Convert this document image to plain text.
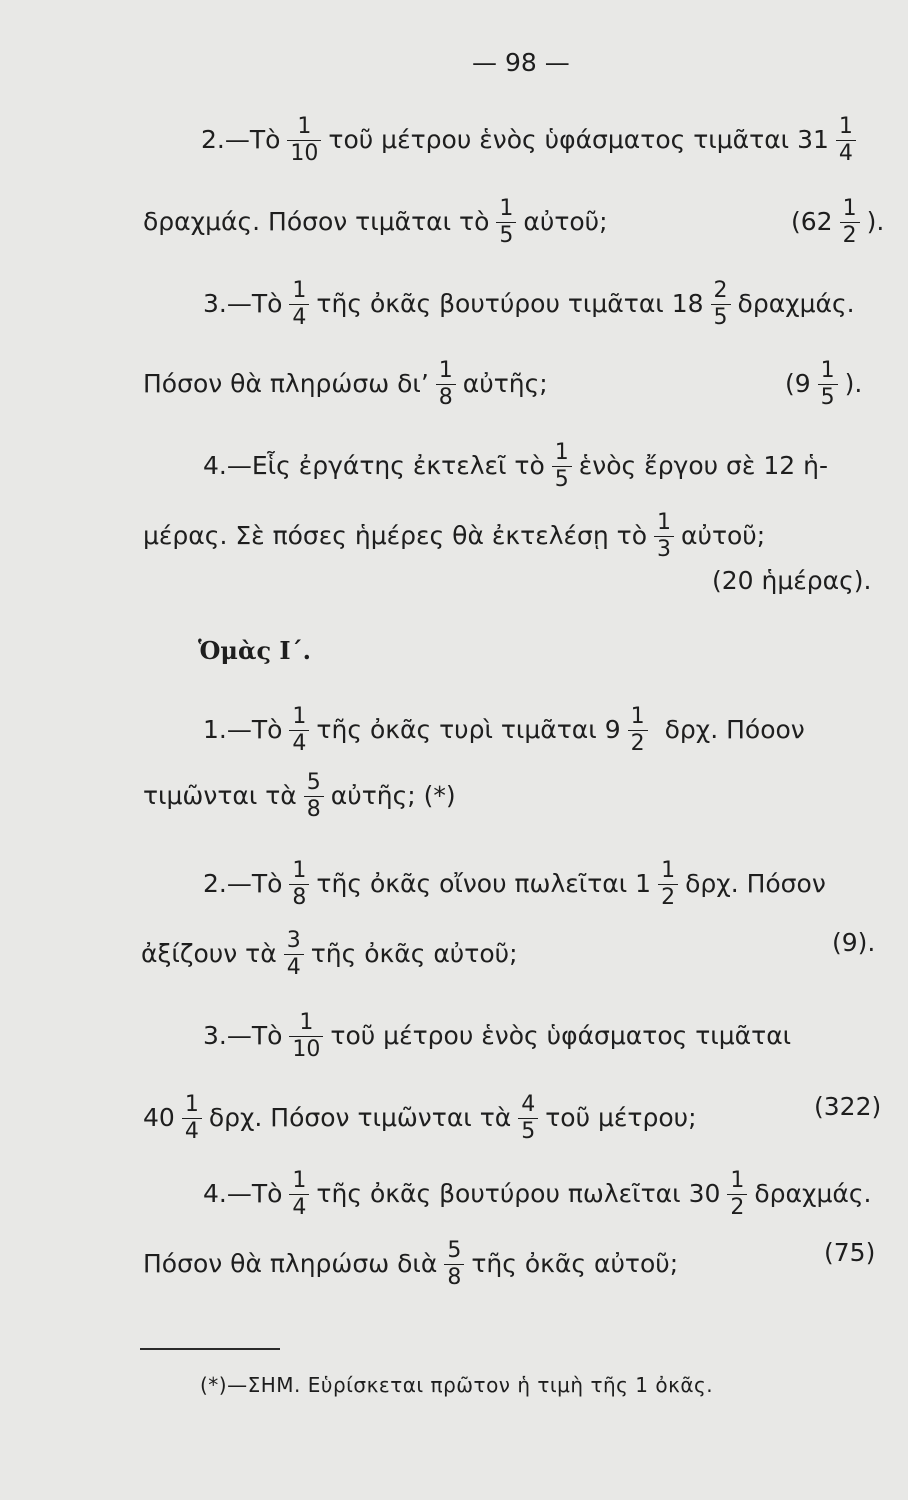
— 98 —
2.—Τὸ $\frac{1}{10}$ τοῦ μέτρου ἑνὸς ὑφάσματος τιμᾶται $31 \frac{1}{4}$
δραχμάς. Πόσον τιμᾶται τὸ $\frac{1}{5}$ αὐτοῦ;	($62 \frac{1}{2}$ ).
3.—Τὸ $\frac{1}{4}$ τῆς ὀκᾶς βουτύρου τιμᾶται $18 \frac{2}{5} \delta\rho\alpha\chi\mu ά\varsigma$.
Πόσον θὰ πληρώσω δι’ $\frac{1}{8}$ αὐτῆς;	($9 \frac{1}{5}$ ).
4.—Εἷς ἐργάτης ἐκτελεῖ τὸ $\frac{1}{5}$ ἑνὸς ἔργου σὲ 12 ἡ-
μέρας. Σὲ πόσες ἡμέρες θὰ ἐκτελέσῃ τὸ $\frac{1}{3}$ αὐτοῦ;
(20 ἡμέρας).
Ὁμὰς Ι΄.
1.—Τὸ $\frac{1}{4}$ τῆς ὀκᾶς τυρὶ τιμᾶται $9 \frac{1}{2} \delta\rho\chi$. Πόοον
τιμῶνται τὰ $\frac{5}{8}$ αὐτῆς; (*)
2.—Τὸ $\frac{1}{8}$ τῆς ὀκᾶς οἴνου πωλεῖται $1 \frac{1}{2} \delta\rho\chi$. Πόσον
ἀξίζουν τὰ $\frac{3}{4}$ τῆς ὀκᾶς αὐτοῦ;	(9).
3.—Τὸ $\frac{1}{10}$ τοῦ μέτρου ἑνὸς ὑφάσματος τιμᾶται
$40 \frac{1}{4} \delta\rho\chi$. Πόσον τιμῶνται τὰ $\frac{4}{5}$ τοῦ μέτρου;	(322)
4.—Τὸ $\frac{1}{4}$ τῆς ὀκᾶς βουτύρου πωλεῖται $30 \frac{1}{2} \delta\rho\alpha\chi\mu ά\varsigma$.
Πόσον θὰ πληρώσω διὰ $\frac{5}{8}$ τῆς ὀκᾶς αὐτοῦ;	(75)
(*)—ΣΗΜ. Εὑρίσκεται πρῶτον ἡ τιμὴ τῆς 1 ὀκᾶς.
